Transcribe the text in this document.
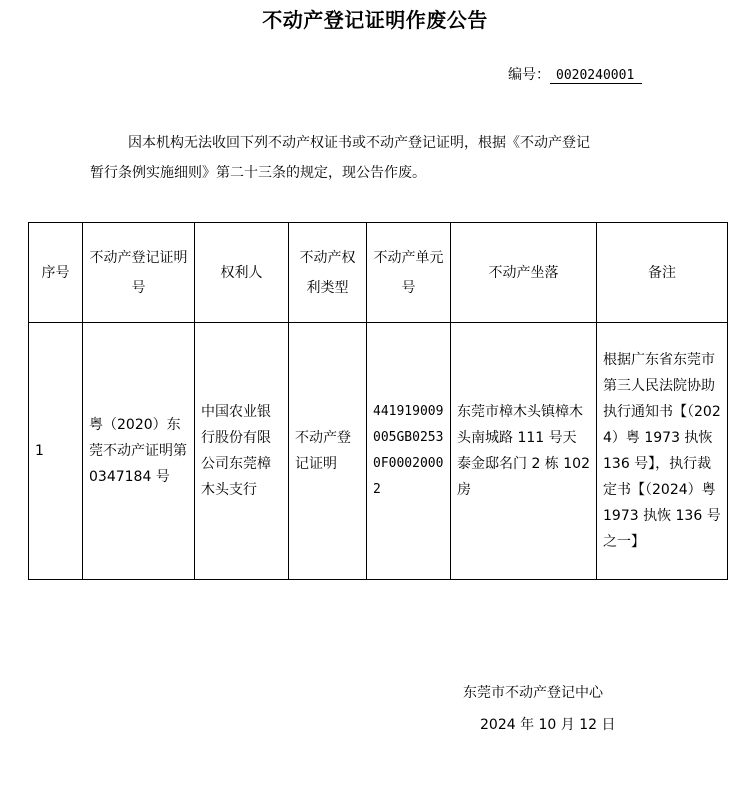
不动产登记证明作废公告
编号： 0020240001
因本机构无法收回下列不动产权证书或不动产登记证明，根据《不动产登记
暂行条例实施细则》第二十三条的规定，现公告作废。
序号	不动产登记证明号	权利人	不动产权利类型	不动产单元号	不动产坐落	备注
1	粤（2020）东莞不动产证明第 0347184 号	中国农业银行股份有限公司东莞樟木头支行	不动产登记证明	441919009005GB02530F00020002	东莞市樟木头镇樟木头南城路 111 号天泰金邸名门 2 栋 102 房	根据广东省东莞市第三人民法院协助执行通知书【（2024）粤 1973 执恢 136 号】，执行裁定书【（2024）粤 1973 执恢 136 号之一】
东莞市不动产登记中心
2024 年 10 月 12 日
